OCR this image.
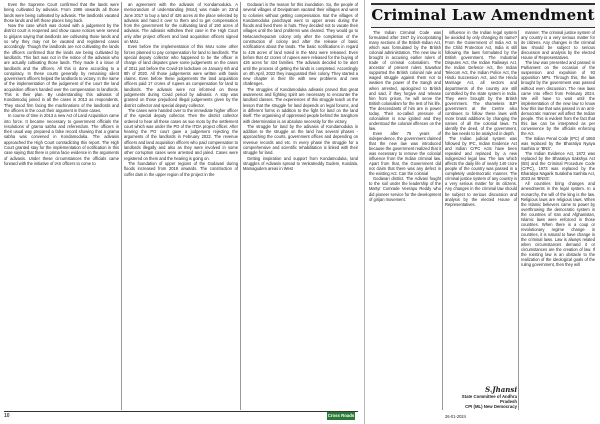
Even the Supreme Court confirmed that the lands were being cultivated by adivasis. From 1986 onwards all those lands were being cultivated by adivasis. The landlords vacated those lands and left those places long back.

Now the case which was closed with a judgement by the district court is reopened and show cause notices were served to girijans saying that landlords are cultivating those lands and so why they may not be vacated and registered cases accordingly. Though the landlords are not cultivating the lands the officers confirmed that the lands are being cultivated by landlords. This fact was not in the notice of the adivasis who are actually cultivating those lands. They made it a issue of landlords and the officers. All this is done according to a conspiracy. In these courts generally by remaining silent government officers helped the landlords to victory. In the name of the implementation of the judgement of the court the land acquisition officers handed over the compensation to landlords. This is their plan. By understanding this adivasis of Kondamoduj joined in all the cases in 2013 as respondents. They stood firm facing the machinations of the landlords and the officers in the court their argument in those cases.

In course of time in 2013 a new Act of Land Acquisition came into force. It became necessary to government officials the resolutions of grama sabha and referendum. The officers in their usual way prepared a false record showing that a grama sabha was convened in Kondamoduka. The adivasis approached the High Court contradicting this report. The High Court granted stay for the implementation of notification in this case saying that there is prima facie evidence in the arguments of adivasis. Under these circumstances the officials came forward with the initiative of IAS officers to come to

an agreement with the adivasis of Kondamoduka. A memorandum of understanding (MoU) was made on 22nd June 2017 to buy a land of 426 acres at the place selected by adivasis and hand it over to them and to get compensation from the government for the cultivating land of 150 acres of adivasis. The adivasis withdrew their case in the High Court only after project officers and land acquisition officers signed on MoU.

Even before the implementation of this MoU some other forces planned to pay compensation for land to landlords. The special deputy collector who happened to be the officer in charge of land disputes gave some judgements on the cases of 2011 just before the Covid-19 lockdown on January 6th and 8th of 2020. All those judgements were written with basis claims. Even before these judgements the land acquisition officers paid 17 crores of rupees as compensation for land to landlords. The adivasis were not informed on these judgements during Covid period by adivasis. A stay was granted on those prejudiced illegal judgements given by the district collector and special deputy collector.

The cases were handed over to the immediate higher officer of the special deputy collector. Then the district collector ordered to hear all these cases as sue moto by the settlement court which was under the PO of the ITDA project officer. After hearing the PO court gave a judgement rejecting the arguments of the landlords in February 2022. The revenue officers and land acquisition officers who paid compensation to landlords illegally and also as they were involved in some other corruption cases were arrested and jailed. Cases were registered on them and the hearing is going on.

The foundation of upper regions of the Godavari during floods increased from 2019 onwards. The construction of coffer dam in the upper region of the project in the

Godavari is the reason for this inundation. So, the people of several villages of Devipatnam vacated their villages and went to colonies without getting compensation. But the villages of Kondamoduka panchayat went to upper areas during the floods and lived there in huts. They decided not to vacate their villages until the land problems was cleared. They would go to Nelacanchepuram colony only after the completion of the construction of colony and after the release of basic notifications about the lands. The basic notifications in regard to 426 acres of land noted in the MoU were released. Even before that 42 crores of rupees were released for the buying of 426 acres for 424 families. The adivasis decided to be alert until the process of getting the lands is completed. Accordingly on 4th April, 2022 they inaugurated their colony. They started a new chapter in their life with new problems and new challenges.

The struggles of Kondamoduka adivasis proved that great awareness and fighting spirit are necessary to encounter the landlord classes. The experiences of this struggle teach us the lesson that the struggle for land depends on legal forums, and in different forms in addition to the fight for land on the land itself. The organising of oppressed people behind the Sanghom with determination is an absolute necessity for the victory.

The struggle for land by the adivasis of Kondamoduka in addition to the struggle on the land has several phases - approaching the courts, government offices and depending on revenue records and etc. In every phase the struggle for a comprehensive and scientific rehabilitation is linked with their struggle for land.

Getting inspiration and support from Kondamoduka, land struggles of Adivasis spread to Venkatreddy Gudem, Kundala, Mamagudem areas in West

10	Cross Roads
Criminal Law Amendment

The Indian Criminal Code was formulated after 1947 by incorporating many sections of the British-Indian Act, which was formulated by the British colonial administration. The new law is brought in accusing earlier rulers of trade of criminal colonialism. The ancestor of present rulers Savarkar supported the British colonial rule and waged struggle against them not to weaken the power of the Sangh and when arrested, apologized to British and said, if they forgive and release him from prison, he will serve the British colonialism for the rest of his life. The descendants of him are in power today. Their so-called pressure of colonialism is now ignited and they understood the colonial offences on the law.

Even after 75 years of independence, the government claimed that the new law was introduced because the government realized that it was necessary to remove the colonial influence from the Indian criminal law. Apart from that, the Government did not claim that there was any defect in the existing Act. Can the colonial

Godavari district. The Adivasi fought to the soil under the leadership of the Martyr Comrade Veerapu Reddy who did pioneer service for the development of girijan movement.

influence in the Indian legal system be avoided by only changing its name? From the Government of India Act to the Child Protection Act, India is still following the laws formulated by the British government. The Industrial Disputes Act, the Indian Railways Act, the Indian Defence Act, the Indian Telecom Act, the Indian Police Act, the Hindu Succession Act, and the Hindu Marriage Act, all sectors and departments of the country are still controlled by the state system in India. They were brought by the British government. The shameless BJP government at the Centre also continues to follow these laws with more brutal additions by changing the names of all the colonial laws. To identify the deed, of the government, the law needs to be analyzed in depth.

The Indian judicial system was followed by IPC, Indian Evidence Act and Indian CrPC Acts have been repealed and replaced by a new indigenized legal law. The law which affects the daily life of nearly 140 crore people of the country was passed in a completely undemocratic manner. The criminal justice system of any country is a very serious matter for its citizens. Any changes in the criminal law should be subject to serious discussion and analysis by the elected House of Representatives.

manner. The criminal justice system of any country is a very serious matter for its citizens. Any changes in the criminal law should be subject to serious discussion and analysis by the elected House of Representatives.

The law was presented and passed in Parliament on the occasion of the suspension and expulsion of 93 opposition MPs. Through this, the law brought by the government was passed without even discussion. The new laws came into effect from February 2024. We will have to wait until the implementation of the new law to know how this law that was passed in an anti-democratic manner will affect the Indian people. This is evident from the fact that this law can be interpreted as per convenience by the officials enforcing the Act.

The Indian Penal Code (IPC) of 1860 was replaced by the Bharatiya Nyaya Sanhita or 'BNS'.

The Indian Evidence Act, 1872 was replaced by the Bharatiya Sakshya Act (BS) and the Criminal Procedure Code (CrPC), 1973 was replaced by the Bharatiya Nagarik Suraksha Sanhita Act, 2023 as 'BNSS'.

All countries bring changes and amendments in the legal system. In a monarchy, the will of the king is the law. Religious laws are religious laws. When the Islamic believers came to power by overthrowing the democratic system in the countries of Iran and Afghanistan, Islamic laws were enforced in those countries. When there is a coup or revolutionary regime change in countries, it is natural to have change in the criminal laws. Law is always related when circumstances demand it or circumstances are the creation of law. If the existing law is an obstacle to the realization of the ideological goals of the ruling government, then they will

S.Jhansi
State Committee of Andhra Pradesh
CPI (ML) New Democracy
26-01-2024
